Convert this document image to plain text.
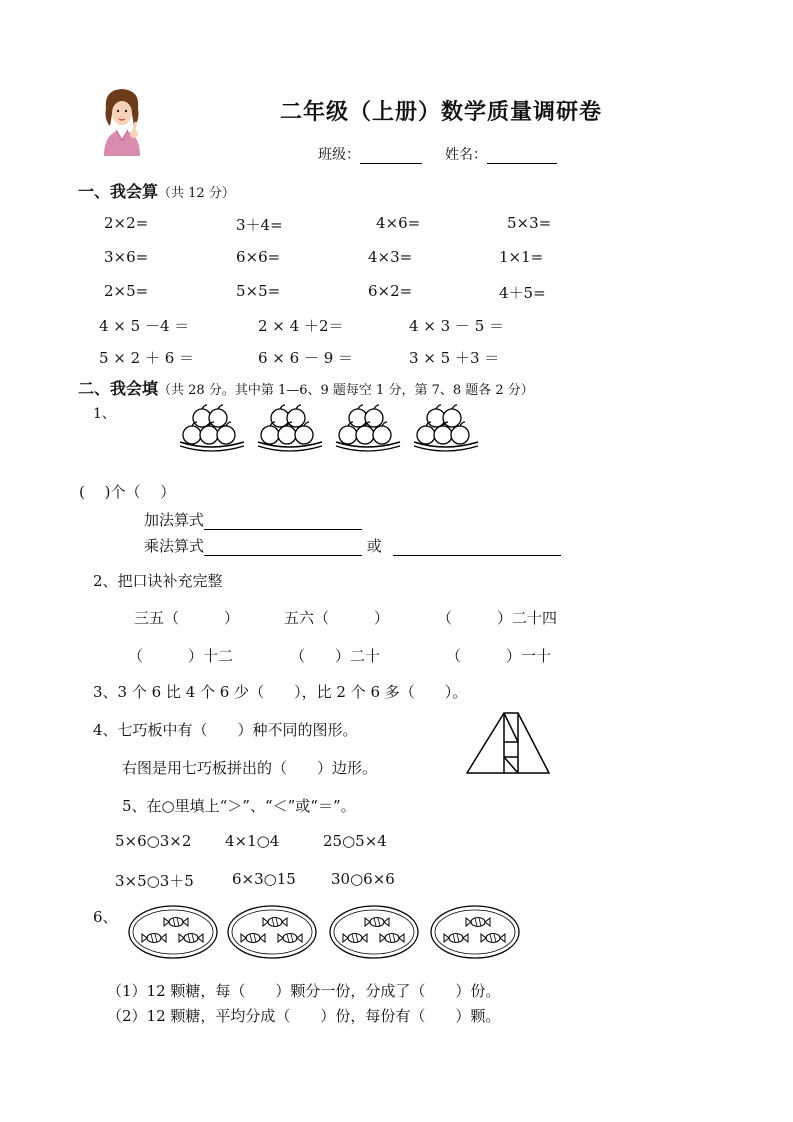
二年级（上册）数学质量调研卷
班级：	姓名：
一、我会算（共 12 分）
2×2=	3＋4=	4×6=	5×3=
3×6=	6×6=	4×3=	1×1=
2×5=	5×5=	6×2=	4＋5=
4 × 5 －4 ＝	2 × 4 ＋2＝	4 × 3 － 5 ＝
5 × 2 ＋ 6 ＝	6 × 6 － 9 ＝	3 × 5 ＋3 ＝
二、我会填（共 28 分。其中第 1—6、9 题每空 1 分，第 7、8 题各 2 分）
1、
(　 )个（　 ）
加法算式
乘法算式	或
2、把口诀补充完整
三五（　　　）	五六（　　　）	（　　　）二十四
（　　　）十二	（　　）二十	（　　　）一十
3、3 个 6 比 4 个 6 少（　　），比 2 个 6 多（　　）。
4、七巧板中有（　　）种不同的图形。
右图是用七巧板拼出的（　　）边形。
5、在○里填上“＞”、“＜”或“＝”。
5×6○3×2 4×1○4	25○5×4
3×5○3＋5	6×3○15 30○6×6
6、
（1）12 颗糖，每（　　）颗分一份，分成了（　　）份。
（2）12 颗糖，平均分成（　　）份，每份有（　　）颗。
